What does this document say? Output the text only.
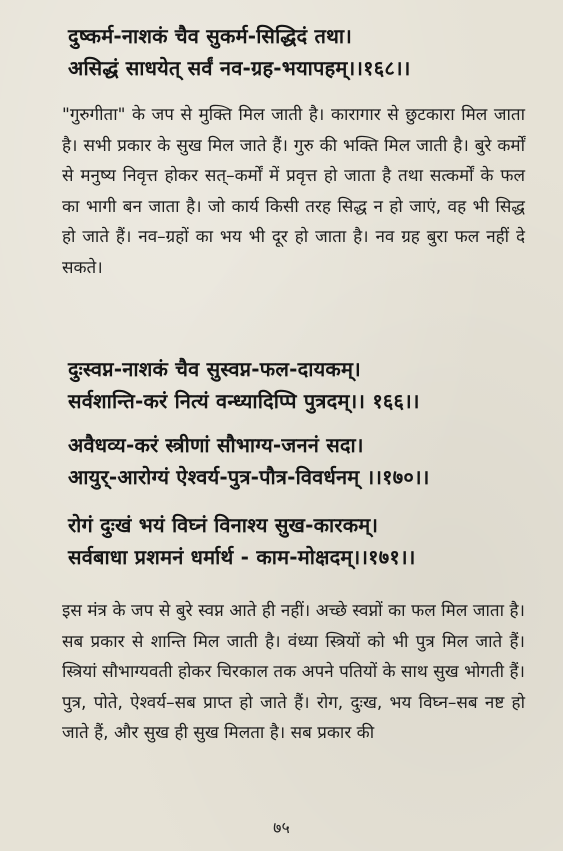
दुष्कर्म-नाशकं चैव सुकर्म-सिद्धिदं तथा।
असिद्धं साधयेत् सर्वं नव-ग्रह-भयापहम्।।१६८।।
"गुरुगीता" के जप से मुक्ति मिल जाती है। कारागार से छुटकारा मिल जाता है। सभी प्रकार के सुख मिल जाते हैं। गुरु की भक्ति मिल जाती है। बुरे कर्मों से मनुष्य निवृत्त होकर सत्–कर्मों में प्रवृत्त हो जाता है तथा सत्कर्मों के फल का भागी बन जाता है। जो कार्य किसी तरह सिद्ध न हो जाएं, वह भी सिद्ध हो जाते हैं। नव–ग्रहों का भय भी दूर हो जाता है। नव ग्रह बुरा फल नहीं दे सकते।
दुःस्वप्न-नाशकं चैव सुस्वप्न-फल-दायकम्।
सर्वशान्ति-करं नित्यं वन्ध्यादिप्पि पुत्रदम्।। १६६।।
अवैधव्य-करं स्त्रीणां सौभाग्य-जननं सदा।
आयुर्-आरोग्यं ऐश्वर्य-पुत्र-पौत्र-विवर्धनम् ।।१७०।।
रोगं दुःखं भयं विघ्नं विनाश्य सुख-कारकम्।
सर्वबाधा प्रशमनं धर्मार्थ - काम-मोक्षदम्।।१७१।।
इस मंत्र के जप से बुरे स्वप्न आते ही नहीं। अच्छे स्वप्नों का फल मिल जाता है। सब प्रकार से शान्ति मिल जाती है। वंध्या स्त्रियों को भी पुत्र मिल जाते हैं। स्त्रियां सौभाग्यवती होकर चिरकाल तक अपने पतियों के साथ सुख भोगती हैं। पुत्र, पोते, ऐश्वर्य–सब प्राप्त हो जाते हैं। रोग, दुःख, भय विघ्न–सब नष्ट हो जाते हैं, और सुख ही सुख मिलता है। सब प्रकार की
७५
